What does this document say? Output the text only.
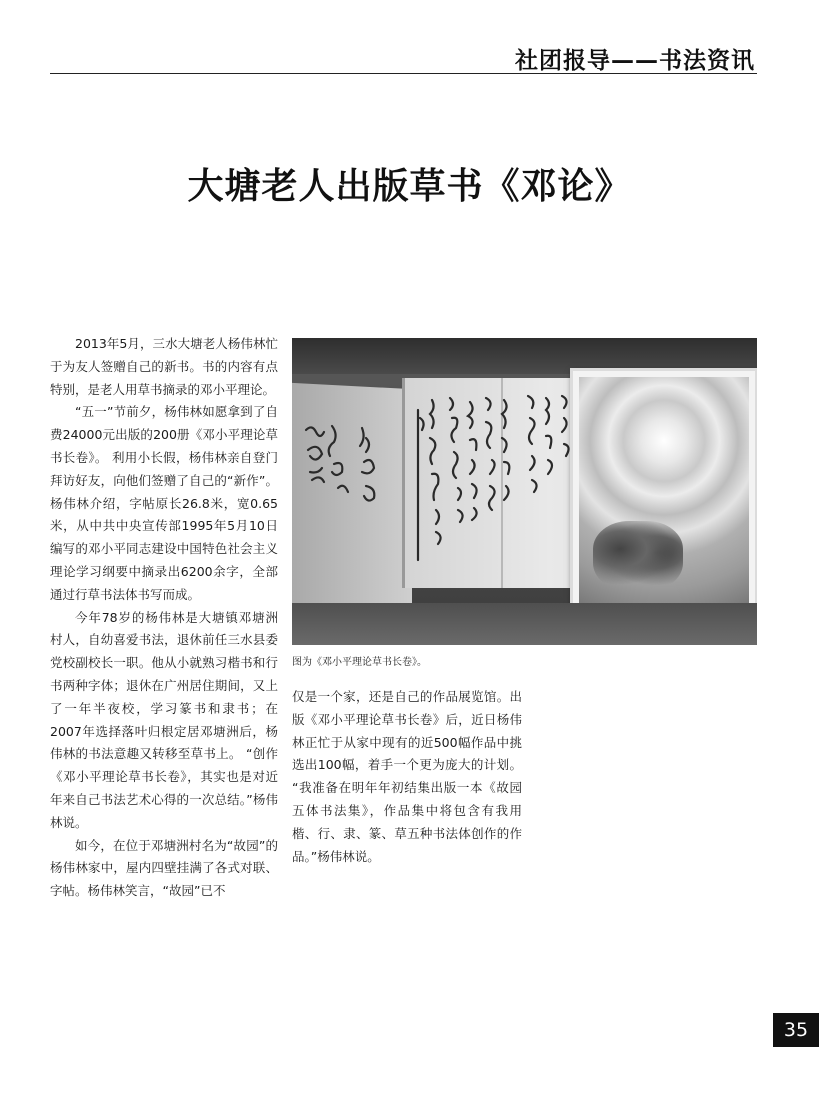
社团报导——书法资讯
大塘老人出版草书《邓论》

2013年5月，三水大塘老人杨伟林忙于为友人签赠自己的新书。书的内容有点特别，是老人用草书摘录的邓小平理论。

“五一”节前夕，杨伟林如愿拿到了自费24000元出版的200册《邓小平理论草书长卷》。 利用小长假，杨伟林亲自登门拜访好友，向他们签赠了自己的“新作”。杨伟林介绍，字帖原长26.8米，宽0.65米，从中共中央宣传部1995年5月10日编写的邓小平同志建设中国特色社会主义理论学习纲要中摘录出6200余字，全部通过行草书法体书写而成。

今年78岁的杨伟林是大塘镇邓塘洲村人，自幼喜爱书法，退休前任三水县委党校副校长一职。他从小就熟习楷书和行书两种字体；退休在广州居住期间，又上了一年半夜校，学习篆书和隶书；在2007年选择落叶归根定居邓塘洲后，杨伟林的书法意趣又转移至草书上。 “创作《邓小平理论草书长卷》，其实也是对近年来自己书法艺术心得的一次总结。”杨伟林说。

如今，在位于邓塘洲村名为“故园”的杨伟林家中，屋内四壁挂满了各式对联、字帖。杨伟林笑言，“故园”已不

图为《邓小平理论草书长卷》。

仅是一个家，还是自己的作品展览馆。出版《邓小平理论草书长卷》后，近日杨伟林正忙于从家中现有的近500幅作品中挑选出100幅，着手一个更为庞大的计划。 “我准备在明年年初结集出版一本《故园五体书法集》，作品集中将包含有我用楷、行、隶、篆、草五种书法体创作的作品。”杨伟林说。

35
